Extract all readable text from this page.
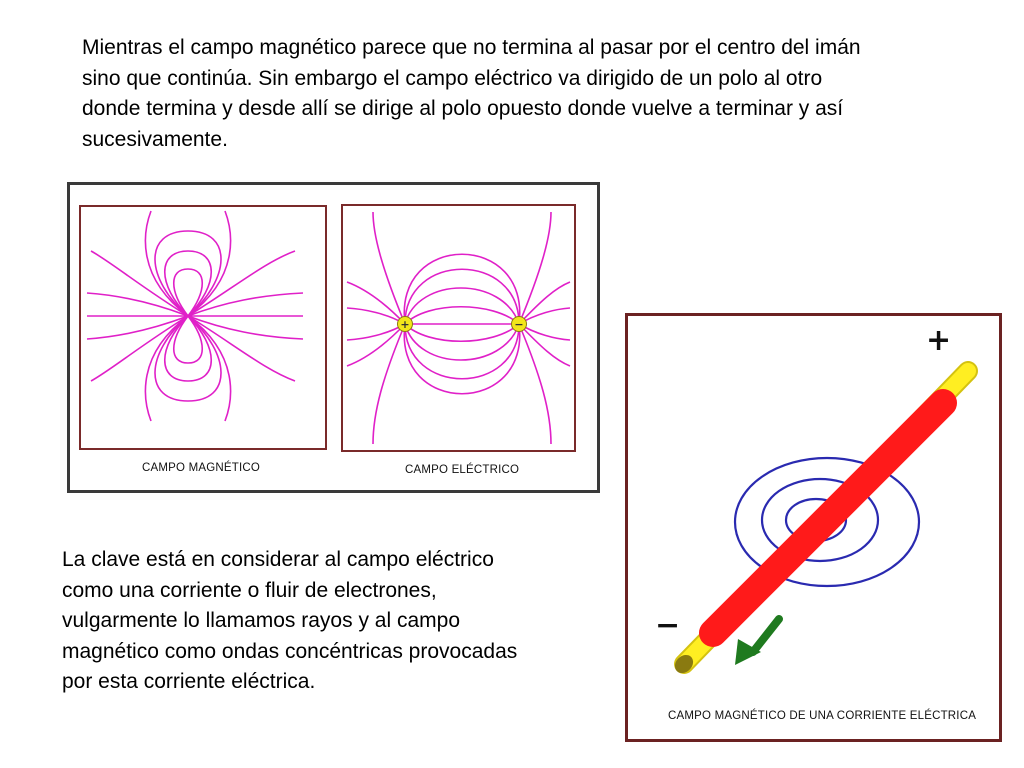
Mientras el campo magnético parece que no termina al pasar por el centro del imán
sino que continúa. Sin embargo el campo eléctrico va dirigido de un polo al otro
donde termina y desde allí se dirige al polo opuesto donde vuelve a terminar y así
sucesivamente.
+	−
CAMPO MAGNÉTICO	CAMPO ELÉCTRICO
La clave está en considerar al campo eléctrico
como una corriente o fluir de electrones,
vulgarmente lo llamamos rayos y al campo
magnético como ondas concéntricas provocadas
por esta corriente eléctrica.
+
−
CAMPO MAGNÉTICO DE UNA CORRIENTE ELÉCTRICA
